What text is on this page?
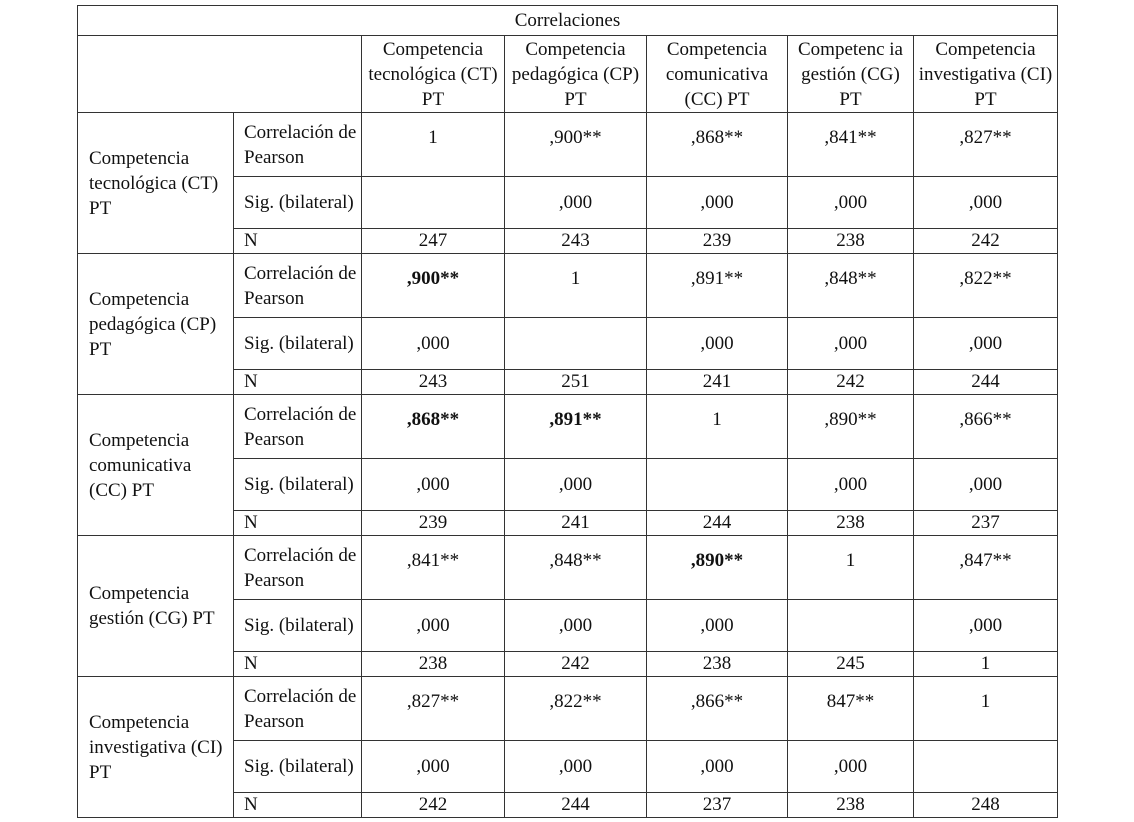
Correlaciones						
		Competencia tecnológica (CT) PT	Competencia pedagógica (CP) PT	Competencia comunicativa (CC) PT	Competenc ia gestión (CG) PT	Competencia investigativa (CI) PT
Competencia tecnológica (CT) PT	Correlación de Pearson	1	,900**	,868**	,841**	,827**
	Sig. (bilateral)		,000	,000	,000	,000
	N	247	243	239	238	242
Competencia pedagógica (CP) PT	Correlación de Pearson	,900**	1	,891**	,848**	,822**
	Sig. (bilateral)	,000		,000	,000	,000
	N	243	251	241	242	244
Competencia comunicativa (CC) PT	Correlación de Pearson	,868**	,891**	1	,890**	,866**
	Sig. (bilateral)	,000	,000		,000	,000
	N	239	241	244	238	237
Competencia gestión (CG) PT	Correlación de Pearson	,841**	,848**	,890**	1	,847**
	Sig. (bilateral)	,000	,000	,000		,000
	N	238	242	238	245	1
Competencia investigativa (CI) PT	Correlación de Pearson	,827**	,822**	,866**	847**	1
	Sig. (bilateral)	,000	,000	,000	,000	
	N	242	244	237	238	248
